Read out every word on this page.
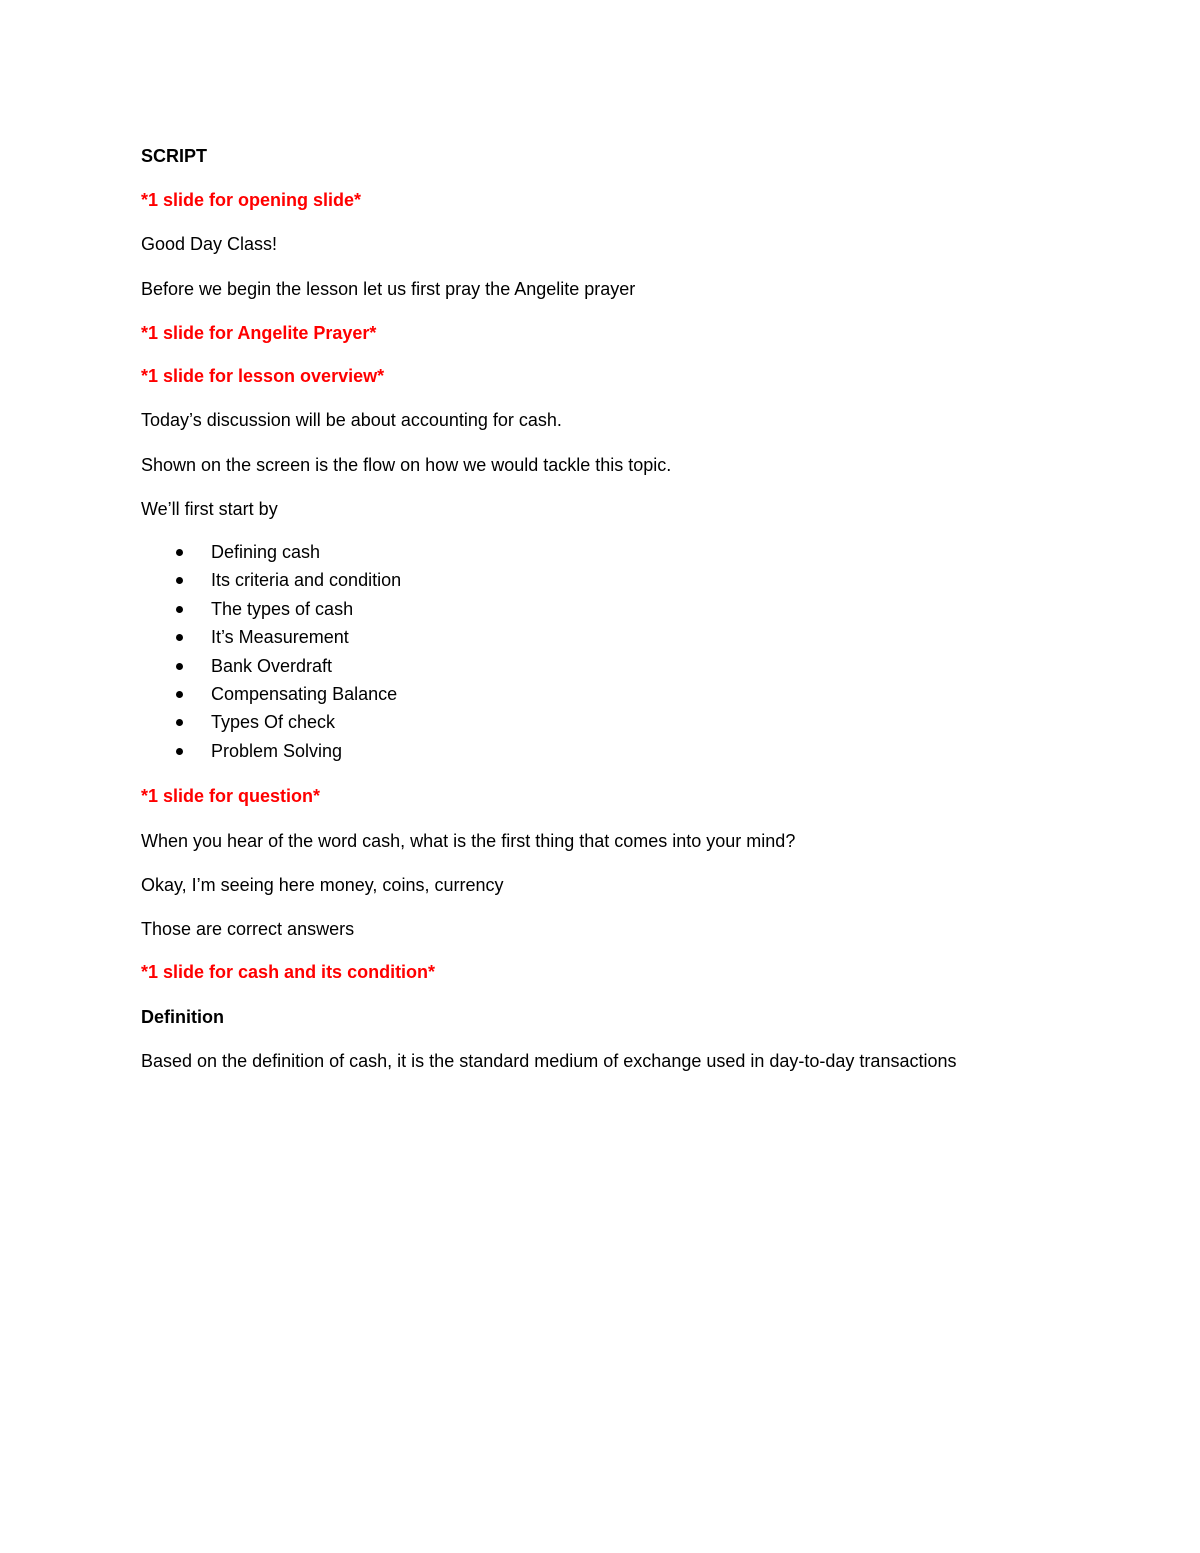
SCRIPT

*1 slide for opening slide*

Good Day Class!

Before we begin the lesson let us first pray the Angelite prayer

*1 slide for Angelite Prayer*

*1 slide for lesson overview*

Today’s discussion will be about accounting for cash.

Shown on the screen is the flow on how we would tackle this topic.

We’ll first start by

Defining cash
Its criteria and condition
The types of cash
It’s Measurement
Bank Overdraft
Compensating Balance
Types Of check
Problem Solving

*1 slide for question*

When you hear of the word cash, what is the first thing that comes into your mind?

Okay, I’m seeing here money, coins, currency

Those are correct answers

*1 slide for cash and its condition*

Definition

Based on the definition of cash, it is the standard medium of exchange used in day-to-day transactions
